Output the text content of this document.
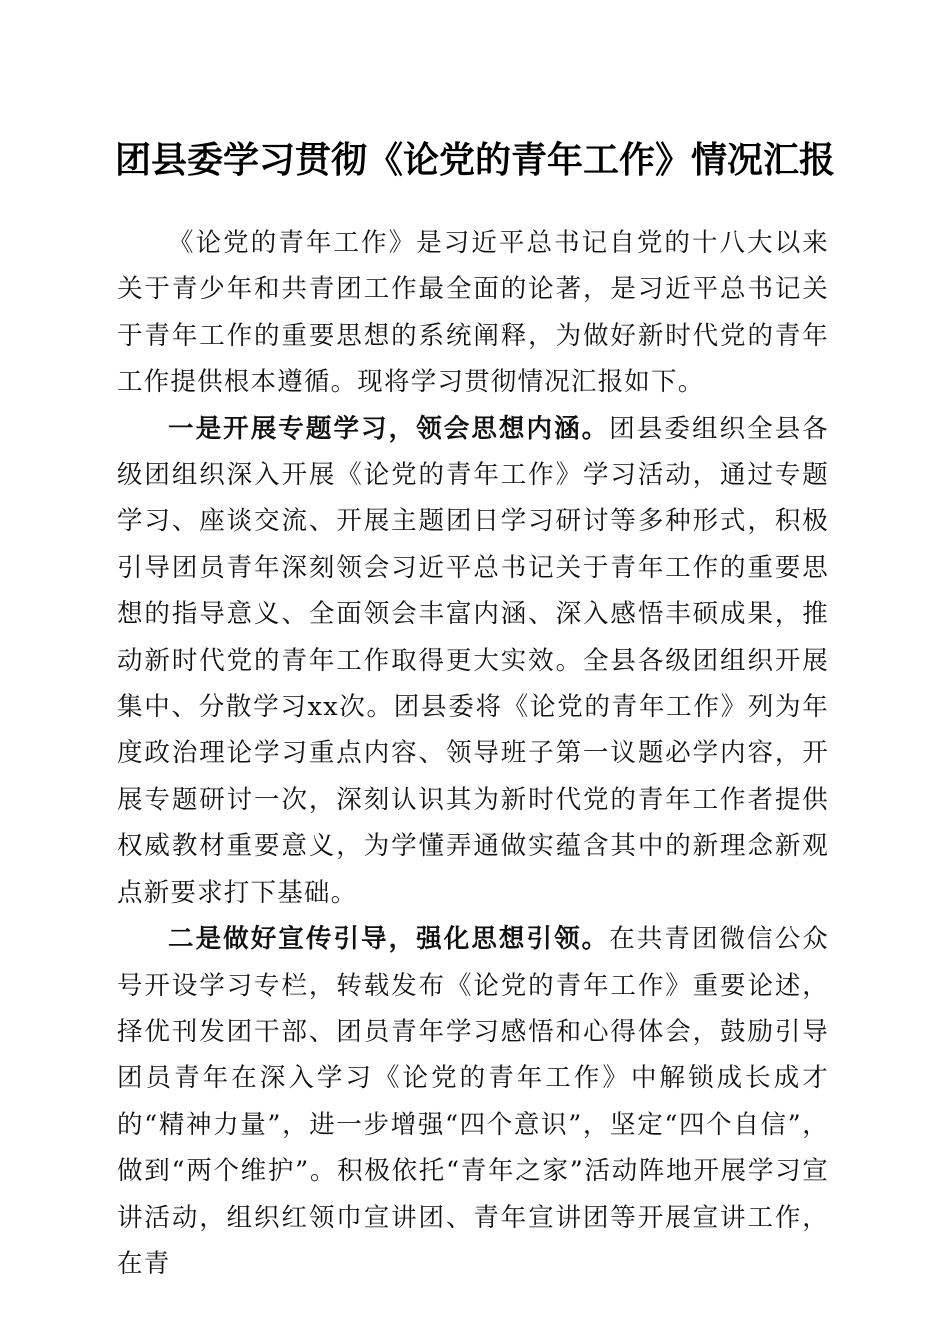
团县委学习贯彻《论党的青年工作》情况汇报

《论党的青年工作》是习近平总书记自党的十八大以来关于青少年和共青团工作最全面的论著，是习近平总书记关于青年工作的重要思想的系统阐释，为做好新时代党的青年工作提供根本遵循。现将学习贯彻情况汇报如下。

一是开展专题学习，领会思想内涵。团县委组织全县各级团组织深入开展《论党的青年工作》学习活动，通过专题学习、座谈交流、开展主题团日学习研讨等多种形式，积极引导团员青年深刻领会习近平总书记关于青年工作的重要思想的指导意义、全面领会丰富内涵、深入感悟丰硕成果，推动新时代党的青年工作取得更大实效。全县各级团组织开展集中、分散学习xx次。团县委将《论党的青年工作》列为年度政治理论学习重点内容、领导班子第一议题必学内容，开展专题研讨一次，深刻认识其为新时代党的青年工作者提供权威教材重要意义，为学懂弄通做实蕴含其中的新理念新观点新要求打下基础。

二是做好宣传引导，强化思想引领。在共青团微信公众号开设学习专栏，转载发布《论党的青年工作》重要论述，择优刊发团干部、团员青年学习感悟和心得体会，鼓励引导团员青年在深入学习《论党的青年工作》中解锁成长成才的“精神力量”，进一步增强“四个意识”，坚定“四个自信”，做到“两个维护”。积极依托“青年之家”活动阵地开展学习宣讲活动，组织红领巾宣讲团、青年宣讲团等开展宣讲工作，在青
